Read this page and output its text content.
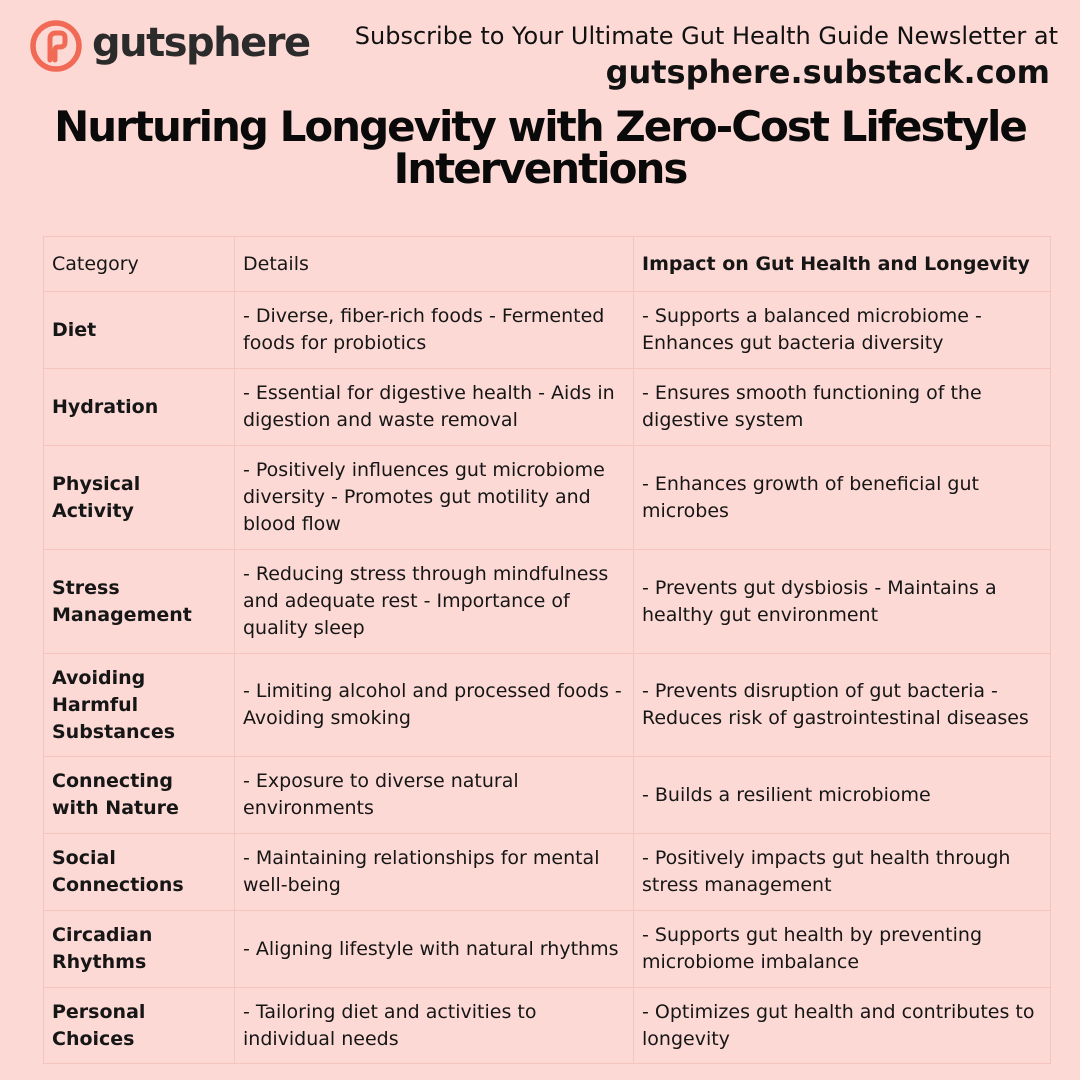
gutsphere	Subscribe to Your Ultimate Gut Health Guide Newsletter at
gutsphere.substack.com
Nurturing Longevity with Zero-Cost Lifestyle Interventions
Category	Details	Impact on Gut Health and Longevity
Diet	- Diverse, fiber-rich foods - Fermented foods for probiotics	- Supports a balanced microbiome - Enhances gut bacteria diversity
Hydration	- Essential for digestive health - Aids in digestion and waste removal	- Ensures smooth functioning of the digestive system
Physical Activity	- Positively influences gut microbiome diversity - Promotes gut motility and blood flow	- Enhances growth of beneficial gut microbes
Stress Management	- Reducing stress through mindfulness and adequate rest - Importance of quality sleep	- Prevents gut dysbiosis - Maintains a healthy gut environment
Avoiding Harmful Substances	- Limiting alcohol and processed foods - Avoiding smoking	- Prevents disruption of gut bacteria - Reduces risk of gastrointestinal diseases
Connecting with Nature	- Exposure to diverse natural environments	- Builds a resilient microbiome
Social Connections	- Maintaining relationships for mental well-being	- Positively impacts gut health through stress management
Circadian Rhythms	- Aligning lifestyle with natural rhythms	- Supports gut health by preventing microbiome imbalance
Personal Choices	- Tailoring diet and activities to individual needs	- Optimizes gut health and contributes to longevity
